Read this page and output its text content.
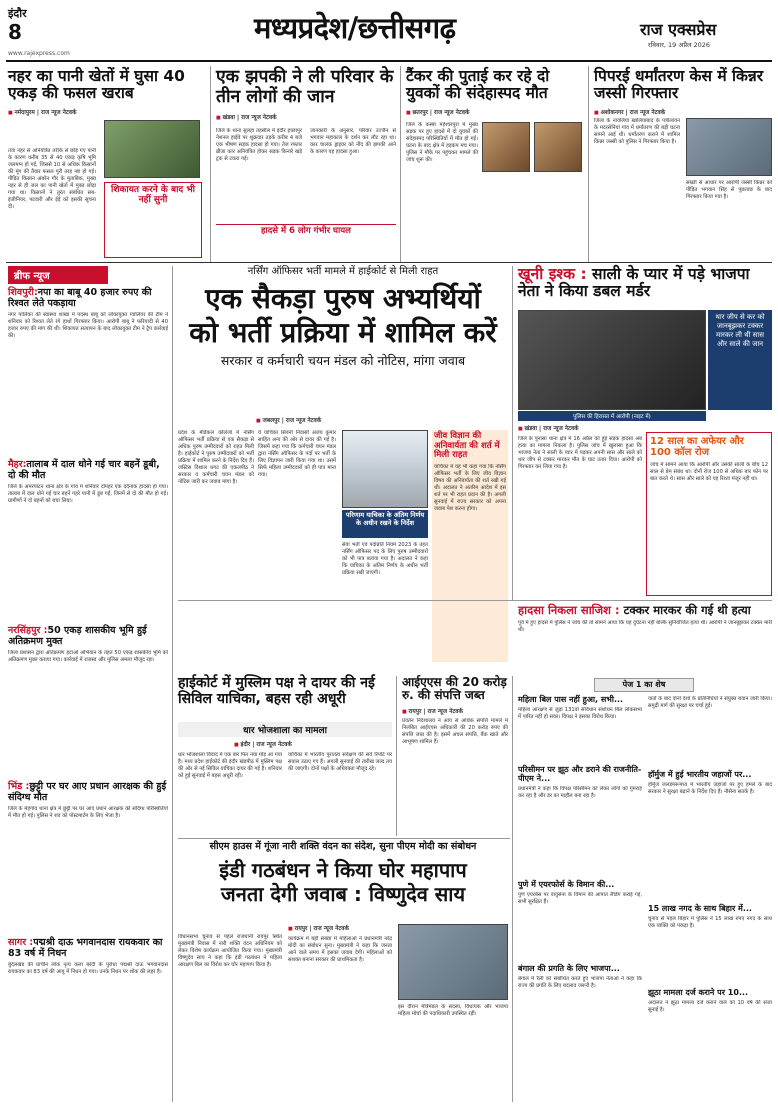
इंदौर
8	मध्यप्रदेश/छत्तीसगढ़	राज एक्सप्रेस
रविवार, 19 अप्रैल 2026
www.rajexpress.com
नहर का पानी खेतों में घुसा 40 एकड़ की फसल खराब
■ नर्मदापुरम | राज न्यूज नेटवर्क
तवा नहर से अनियंत्रित तरीके से छोड़े गए पानी के कारण करीब 35 से 40 एकड़ कृषि भूमि जलमग्न हो गई, जिससे 10 से अधिक किसानों की मूंग की तैयार फसल पूरी तरह नष्ट हो गई। पीड़ित किसान अंबरेन गौर के मुताबिक, मुख्य नहर से ही जल का पानी खेतों में मुक्त छोड़ा गया था। किसानों ने तुरंत संबंधित सब-इंजीनियर, पटवारी और ईई को इसकी सूचना दी।
शिकायत करने के बाद भी नहीं सुनी
एक झपकी ने ली परिवार के तीन लोगों की जान
■ खंडवा | राज न्यूज नेटवर्क
जिले के थाना सुलहा तहसील में इंदौर इच्छापुर नेशनल हाईवे पर शुक्रवार तड़के करीब 4 बजे एक भीषण सड़क हादसा हो गया। तेज रफ्तार ब्रीजा कार अनियंत्रित होकर सड़क किनारे खड़े ट्रक से टकरा गई।
जानकारी के अनुसार, परिवार उज्जैन से भगवान महाकाल के दर्शन कर लौट रहा था। कार चालक ड्राइवर को नींद की झपकी आने के कारण यह हादसा हुआ।
हादसे में 6 लोग गंभीर घायल
टैंकर की पुताई कर रहे दो युवकों की संदेहास्पद मौत
■ छतरपुर | राज न्यूज नेटवर्क
जिले के कस्बा महेश्वरपुरा में मुख्य सड़क पर हुए हादसे में दो युवकों की संदेहास्पद परिस्थितियों में मौत हो गई। घटना के बाद क्षेत्र में हड़कंप मच गया। पुलिस ने मौके पर पहुंचकर मामले की जांच शुरू की।
पिपरई धर्मांतरण केस में किन्नर जस्सी गिरफ्तार
■ अशोकनगर | राज न्यूज नेटवर्क
जिला के नावलिया खालियाबाद के पत्रीलायन के मदरसेनियां गांव में धर्मांतरण की बड़ी घटना सामने आई थी। धर्मांतरण कराने में शामिल किन्नर जस्सी को पुलिस ने गिरफ्तार किया है।
सख्ती से आधार पर आरोपी जस्सी किन्नर को पीड़ित भगवान सिंह से पूछताछ के बाद गिरफ्तार किया गया है।
ब्रीफ न्यूज
शिवपुरी:नपा का बाबू 40 हजार रुपए की रिश्वत लेते पकड़ाया
नगर पालिका की स्वास्थ्य शाखा में पदस्थ बाबू को लोकायुक्त ग्वालियर की टीम ने शनिवार को रिश्वत लेते रंगे हाथों गिरफ्तार किया। आरोपी बाबू ने फरियादी से 40 हजार रुपए की मांग की थी। शिकायत सत्यापन के बाद लोकायुक्त टीम ने ट्रैप कार्रवाई की।
मैहर:तालाब में दाल धोने गई चार बहनें डूबी, दो की मौत
जिले के अमरपाटन थाना क्षेत्र के गांव में शनिवार दोपहर एक दर्दनाक हादसा हो गया। तालाब में दाल धोने गई चार बहनें गहरे पानी में डूब गईं, जिनमें से दो की मौत हो गई। ग्रामीणों ने दो बहनों को बचा लिया।
नरसिंहपुर :50 एकड़ शासकीय भूमि हुई अतिक्रमण मुक्त
जिला प्रशासन द्वारा अतिक्रमण हटाओ अभियान के तहत 50 एकड़ शासकीय भूमि को अतिक्रमण मुक्त कराया गया। कार्रवाई में राजस्व और पुलिस अमला मौजूद रहा।
भिंड :छुट्टी पर घर आए प्रधान आरक्षक की हुई संदिग्ध मौत
जिले के मेहगांव थाना क्षेत्र में छुट्टी पर घर आए प्रधान आरक्षक की संदिग्ध परिस्थितियों में मौत हो गई। पुलिस ने शव को पोस्टमार्टम के लिए भेजा है।
सागर :पद्मश्री दाऊ भगवानदास रायकवार का 83 वर्ष में निधन
बुंदेलखंड की प्राचीन लोक नृत्य कला बरेदी के पुरोधा पद्मश्री दाऊ भगवानदास रायकवार का 83 वर्ष की आयु में निधन हो गया। उनके निधन पर शोक की लहर है।
नर्सिंग ऑफिसर भर्ती मामले में हाईकोर्ट से मिली राहत
एक सैकड़ा पुरुष अभ्यर्थियों
को भर्ती प्रक्रिया में शामिल करें
सरकार व कर्मचारी चयन मंडल को नोटिस, मांगा जवाब
■ जबलपुर | राज न्यूज नेटवर्क
प्रदेश के मेडिकल कॉलेजों में नर्सिंग ऑफिसर भर्ती प्रक्रिया से एक सैकड़ा से अधिक पुरुष उम्मीदवारों को राहत मिली है। हाईकोर्ट ने पुरुष उम्मीदवारों को भर्ती प्रक्रिया में शामिल करने के निर्देश दिए हैं। जस्टिस विशाल धगट की एकलपीठ ने सरकार व कर्मचारी चयन मंडल को नोटिस जारी कर जवाब मांगा है।
ये याचिका सिवनी निवासी अजय कुमार साहित अन्य की ओर से दायर की गई है। जिसमें कहा गया कि कर्मचारी चयन मंडल द्वारा नर्सिंग ऑफिसर के पदों पर भर्ती के लिए विज्ञापन जारी किया गया था। उसमें सिर्फ महिला उम्मीदवारों को ही पात्र माना गया।
परिणाम याचिका के अंतिम निर्णय के अधीन रखने के निर्देश
सेवा भर्ती एवं पदोन्नति नियम 2023 के तहत नर्सिंग ऑफिसर पद के लिए पुरुष उम्मीदवारों को भी पात्र बताया गया है। अदालत ने कहा कि याचिका के अंतिम निर्णय के अधीन भर्ती प्रक्रिया रखी जाएगी।
जीव विज्ञान की अनिवार्यता की शर्त में मिली राहत
याचिका में यह भी कहा गया कि नर्सिंग ऑफिसर भर्ती के लिए जीव विज्ञान विषय की अनिवार्यता की शर्त रखी गई थी। अदालत ने अंतरिम आदेश में इस शर्त पर भी राहत प्रदान की है। अगली सुनवाई में राज्य सरकार को अपना जवाब पेश करना होगा।
खूनी इश्क : साली के प्यार में पड़े भाजपा नेता ने किया डबल मर्डर
थार जीप से कर को जानबूझकर टक्कर मारकर ली थी सास और साले की जान
पुलिस की हिरासत में आरोपी (नाइट में)
■ खंडवा | राज न्यूज नेटवर्क
जिले के पुनासा थाना क्षेत्र में 16 अप्रैल को हुई सड़क हादसा अब हत्या का मामला निकला है। पुलिस जांच में खुलासा हुआ कि भाजपा नेता ने साली के प्यार में पड़कर अपनी सास और साले को थार जीप से टक्कर मारकर मौत के घाट उतार दिया। आरोपी को गिरफ्तार कर लिया गया है।
12 साल का अफेयर और 100 कॉल रोज
जांच में सामने आया कि आरोपी और उसकी साली के बीच 12 साल से प्रेम संबंध था। दोनों रोज 100 से अधिक बार फोन पर बात करते थे। सास और साले को यह रिश्ता मंजूर नहीं था।
हादसा निकला साजिश : टक्कर मारकर की गई थी हत्या
पूर्व में हुए हादसे में पुलिस ने जांच की तो सामने आया कि यह दुर्घटना नहीं बल्कि सुनियोजित हत्या थी। आरोपी ने जानबूझकर टक्कर मारी थी।
पेज 1 का शेष
हाईकोर्ट में मुस्लिम पक्ष ने दायर की नई सिविल याचिका, बहस रही अधूरी
धार भोजशाला का मामला
■ इंदौर | राज न्यूज नेटवर्क
धार भोजशाला विवाद में एक बार फिर नया मोड़ आ गया है। मध्य प्रदेश हाईकोर्ट की इंदौर खंडपीठ में मुस्लिम पक्ष की ओर से नई सिविल याचिका दायर की गई है। शनिवार को हुई सुनवाई में बहस अधूरी रही।
याचिका में भारतीय पुरातत्व सर्वेक्षण की सर्वे रिपोर्ट पर सवाल उठाए गए हैं। अगली सुनवाई की तारीख जल्द तय की जाएगी। दोनों पक्षों के अधिवक्ता मौजूद रहे।
आईएएस की 20 करोड़ रु. की संपत्ति जब्त
■ रायपुर | राज न्यूज नेटवर्क
प्रवर्तन निदेशालय ने आय से अधिक संपत्ति मामले में निलंबित आईएएस अधिकारी की 20 करोड़ रुपए की संपत्ति जब्त की है। इसमें अचल संपत्ति, बैंक खाते और आभूषण शामिल हैं।
सीएम हाउस में गूंजा नारी शक्ति वंदन का संदेश, सुना पीएम मोदी का संबोधन
इंडी गठबंधन ने किया घोर महापाप
जनता देगी जवाब : विष्णुदेव साय
विधानसभा चुनाव से पहले राजधानी रायपुर स्थित मुख्यमंत्री निवास में नारी शक्ति वंदन अधिनियम को लेकर विशेष कार्यक्रम आयोजित किया गया। मुख्यमंत्री विष्णुदेव साय ने कहा कि इंडी गठबंधन ने महिला आरक्षण बिल का विरोध कर घोर महापाप किया है।
■ रायपुर | राज न्यूज नेटवर्क
कार्यक्रम में बड़ी संख्या में महिलाओं ने प्रधानमंत्री नरेंद्र मोदी का संबोधन सुना। मुख्यमंत्री ने कहा कि जनता आने वाले समय में इसका जवाब देगी। महिलाओं को सशक्त बनाना सरकार की प्राथमिकता है।
इस दौरान मंत्रिमंडल के सदस्य, विधायक और भाजपा महिला मोर्चा की पदाधिकारी उपस्थित रहीं।
महिला बिल पास नहीं हुआ, सभी...
महिला आरक्षण से जुड़ा 131वां संविधान संशोधन बिल लोकसभा में पारित नहीं हो सका। विपक्ष ने इसका विरोध किया।
परिसीमन पर झूठ और डराने की राजनीति- पीएम ने...
प्रधानमंत्री ने कहा कि विपक्ष परिसीमन को लेकर लोगों को गुमराह कर रहा है और डर का माहौल बना रहा है।
पुणे में एयरफोर्स के विमान की...
पुणे एयरबेस पर वायुसेना के विमान की आपात लैंडिंग कराई गई, सभी सुरक्षित हैं।
बंगाल की प्रगति के लिए भाजपा...
बंगाल में रैली को संबोधित करते हुए भाजपा नेताओं ने कहा कि राज्य की प्रगति के लिए बदलाव जरूरी है।
वार्ता के बाद दोनों देशों के प्रतिनिधियों ने संयुक्त बयान जारी किया। समुद्री मार्ग की सुरक्षा पर चर्चा हुई।
हॉर्मुज में हुई भारतीय जहाजों पर...
हॉर्मुज जलडमरूमध्य में भारतीय जहाजों पर हुए हमले के बाद सरकार ने सुरक्षा बढ़ाने के निर्देश दिए हैं। नौसेना सतर्क है।
15 लाख नगद के साथ बिहार में...
चुनाव से पहले बिहार में पुलिस ने 15 लाख रुपए नगद के साथ एक व्यक्ति को पकड़ा है।
झूठा मामला दर्ज कराने पर 10...
अदालत ने झूठा मामला दर्ज कराने वाले को 10 वर्ष की सजा सुनाई है।
